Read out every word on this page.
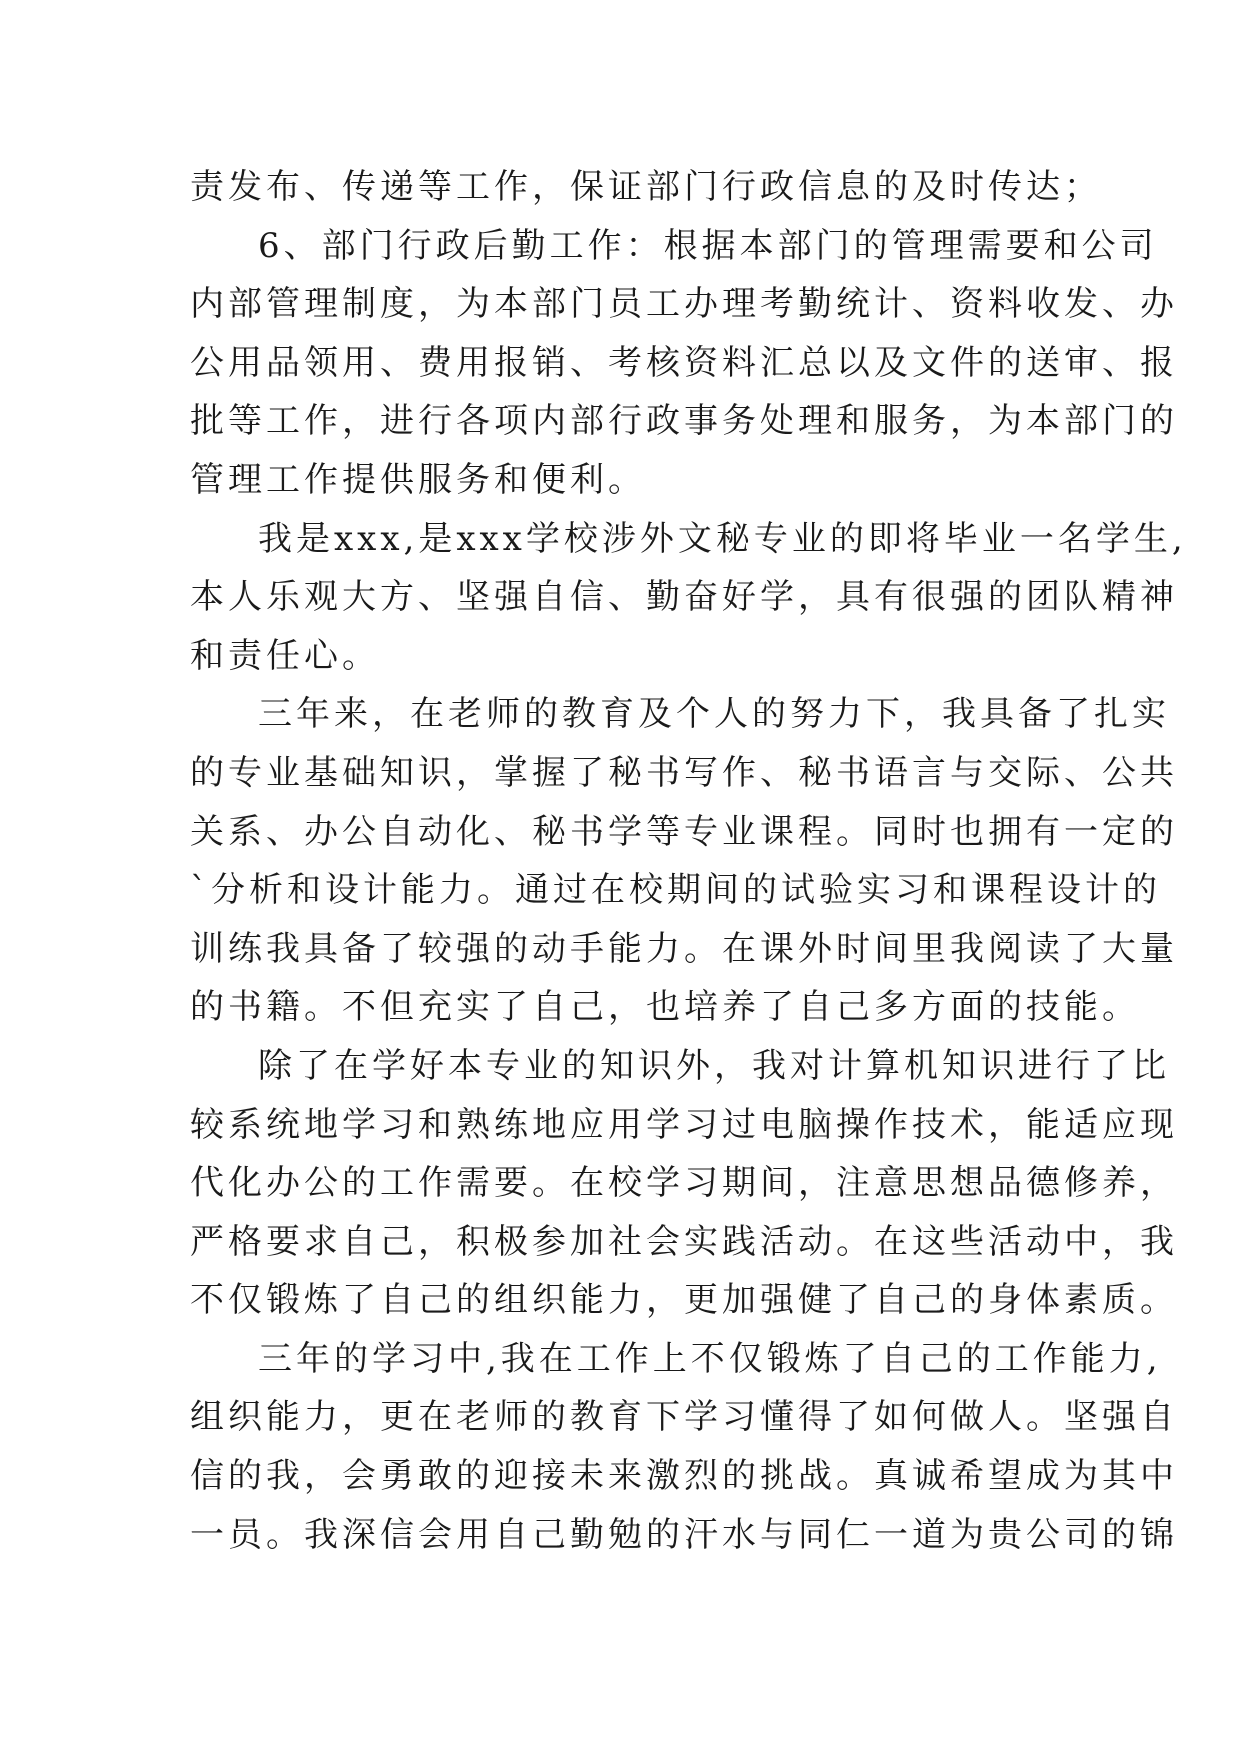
责发布、传递等工作，保证部门行政信息的及时传达；
6、部门行政后勤工作：根据本部门的管理需要和公司
内部管理制度，为本部门员工办理考勤统计、资料收发、办
公用品领用、费用报销、考核资料汇总以及文件的送审、报
批等工作，进行各项内部行政事务处理和服务，为本部门的
管理工作提供服务和便利。
我是xxx,是xxx学校涉外文秘专业的即将毕业一名学生,
本人乐观大方、坚强自信、勤奋好学，具有很强的团队精神
和责任心。
三年来，在老师的教育及个人的努力下，我具备了扎实
的专业基础知识，掌握了秘书写作、秘书语言与交际、公共
关系、办公自动化、秘书学等专业课程。同时也拥有一定的
`分析和设计能力。通过在校期间的试验实习和课程设计的
训练我具备了较强的动手能力。在课外时间里我阅读了大量
的书籍。不但充实了自己，也培养了自己多方面的技能。
除了在学好本专业的知识外，我对计算机知识进行了比
较系统地学习和熟练地应用学习过电脑操作技术，能适应现
代化办公的工作需要。在校学习期间，注意思想品德修养，
严格要求自己，积极参加社会实践活动。在这些活动中，我
不仅锻炼了自己的组织能力，更加强健了自己的身体素质。
三年的学习中,我在工作上不仅锻炼了自己的工作能力,
组织能力，更在老师的教育下学习懂得了如何做人。坚强自
信的我，会勇敢的迎接未来激烈的挑战。真诚希望成为其中
一员。我深信会用自己勤勉的汗水与同仁一道为贵公司的锦
